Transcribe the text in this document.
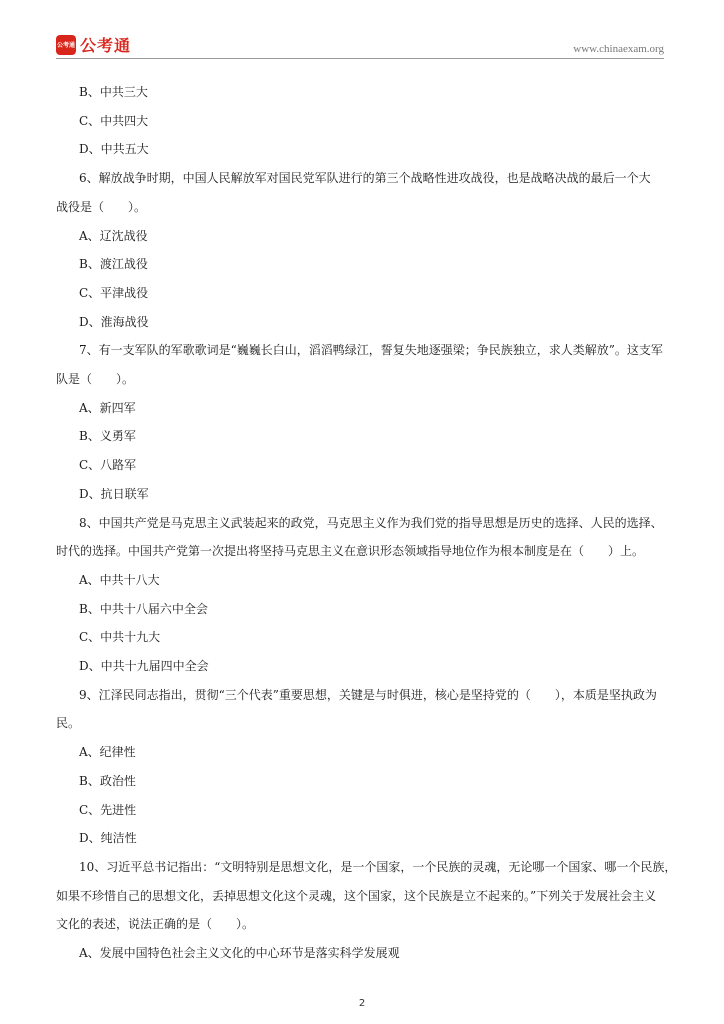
公考通 公考通	www.chinaexam.org
B、中共三大
C、中共四大
D、中共五大
6、解放战争时期，中国人民解放军对国民党军队进行的第三个战略性进攻战役，也是战略决战的最后一个大
战役是（　　）。
A、辽沈战役
B、渡江战役
C、平津战役
D、淮海战役
7、有一支军队的军歌歌词是“巍巍长白山，滔滔鸭绿江，誓复失地逐强梁；争民族独立，求人类解放”。这支军
队是（　　）。
A、新四军
B、义勇军
C、八路军
D、抗日联军
8、中国共产党是马克思主义武装起来的政党，马克思主义作为我们党的指导思想是历史的选择、人民的选择、
时代的选择。中国共产党第一次提出将坚持马克思主义在意识形态领域指导地位作为根本制度是在（　　）上。
A、中共十八大
B、中共十八届六中全会
C、中共十九大
D、中共十九届四中全会
9、江泽民同志指出，贯彻“三个代表”重要思想，关键是与时俱进，核心是坚持党的（　　），本质是坚执政为
民。
A、纪律性
B、政治性
C、先进性
D、纯洁性
10、习近平总书记指出：“文明特别是思想文化，是一个国家，一个民族的灵魂，无论哪一个国家、哪一个民族，
如果不珍惜自己的思想文化，丢掉思想文化这个灵魂，这个国家，这个民族是立不起来的。”下列关于发展社会主义
文化的表述，说法正确的是（　　）。
A、发展中国特色社会主义文化的中心环节是落实科学发展观
2
